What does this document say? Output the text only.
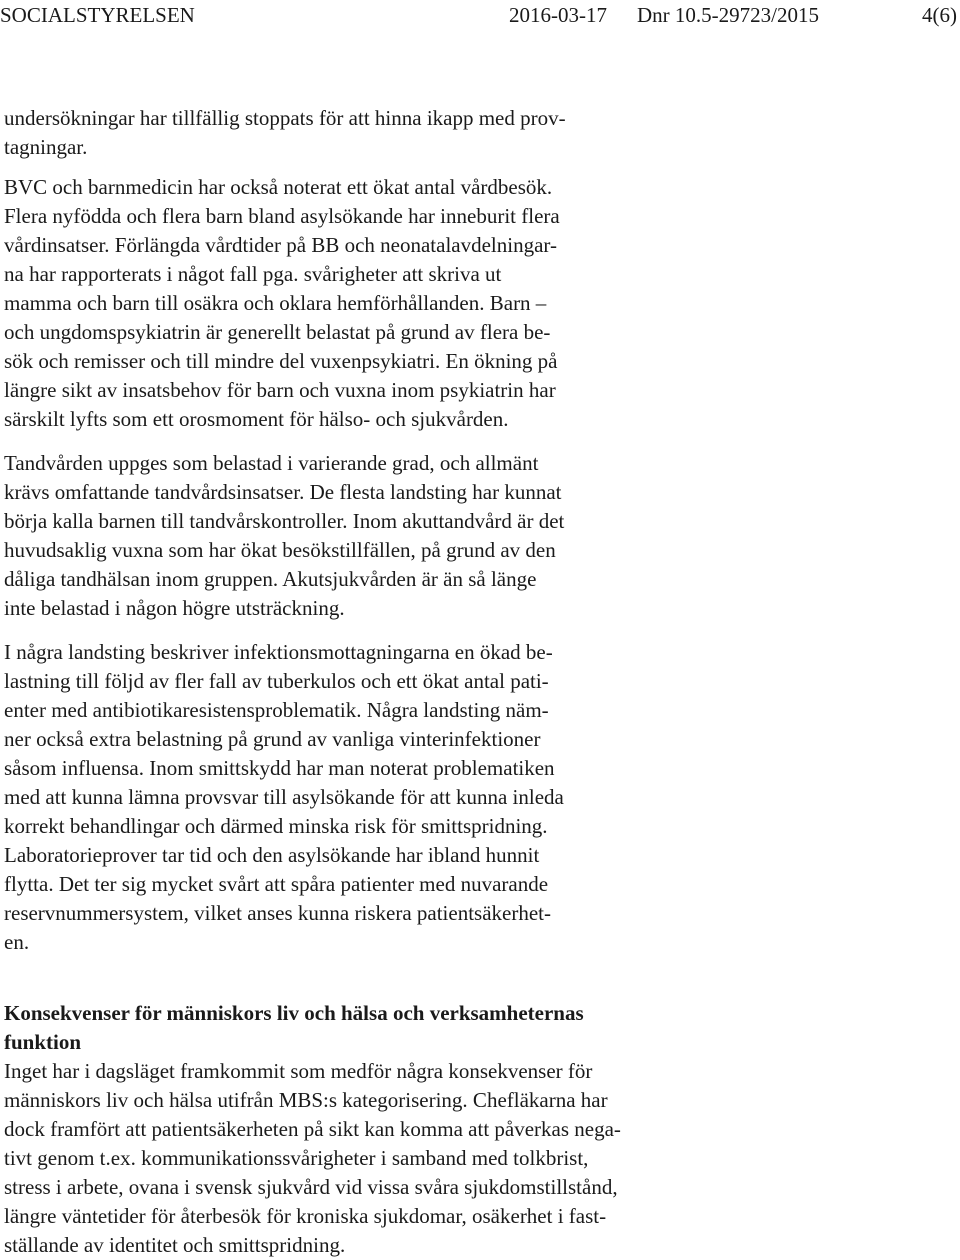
SOCIALSTYRELSEN	2016-03-17 Dnr 10.5-29723/2015	4(6)
undersökningar har tillfällig stoppats för att hinna ikapp med prov-
tagningar.
BVC och barnmedicin har också noterat ett ökat antal vårdbesök.
Flera nyfödda och flera barn bland asylsökande har inneburit flera
vårdinsatser. Förlängda vårdtider på BB och neonatalavdelningar-
na har rapporterats i något fall pga. svårigheter att skriva ut
mamma och barn till osäkra och oklara hemförhållanden. Barn –
och ungdomspsykiatrin är generellt belastat på grund av flera be-
sök och remisser och till mindre del vuxenpsykiatri. En ökning på
längre sikt av insatsbehov för barn och vuxna inom psykiatrin har
särskilt lyfts som ett orosmoment för hälso- och sjukvården.
Tandvården uppges som belastad i varierande grad, och allmänt
krävs omfattande tandvårdsinsatser. De flesta landsting har kunnat
börja kalla barnen till tandvårskontroller. Inom akuttandvård är det
huvudsaklig vuxna som har ökat besökstillfällen, på grund av den
dåliga tandhälsan inom gruppen. Akutsjukvården är än så länge
inte belastad i någon högre utsträckning.
I några landsting beskriver infektionsmottagningarna en ökad be-
lastning till följd av fler fall av tuberkulos och ett ökat antal pati-
enter med antibiotikaresistensproblematik. Några landsting näm-
ner också extra belastning på grund av vanliga vinterinfektioner
såsom influensa. Inom smittskydd har man noterat problematiken
med att kunna lämna provsvar till asylsökande för att kunna inleda
korrekt behandlingar och därmed minska risk för smittspridning.
Laboratorieprover tar tid och den asylsökande har ibland hunnit
flytta. Det ter sig mycket svårt att spåra patienter med nuvarande
reservnummersystem, vilket anses kunna riskera patientsäkerhet-
en.
Konsekvenser för människors liv och hälsa och verksamheternas
funktion
Inget har i dagsläget framkommit som medför några konsekvenser för
människors liv och hälsa utifrån MBS:s kategorisering. Chefläkarna har
dock framfört att patientsäkerheten på sikt kan komma att påverkas nega-
tivt genom t.ex. kommunikationssvårigheter i samband med tolkbrist,
stress i arbete, ovana i svensk sjukvård vid vissa svåra sjukdomstillstånd,
längre väntetider för återbesök för kroniska sjukdomar, osäkerhet i fast-
ställande av identitet och smittspridning.
